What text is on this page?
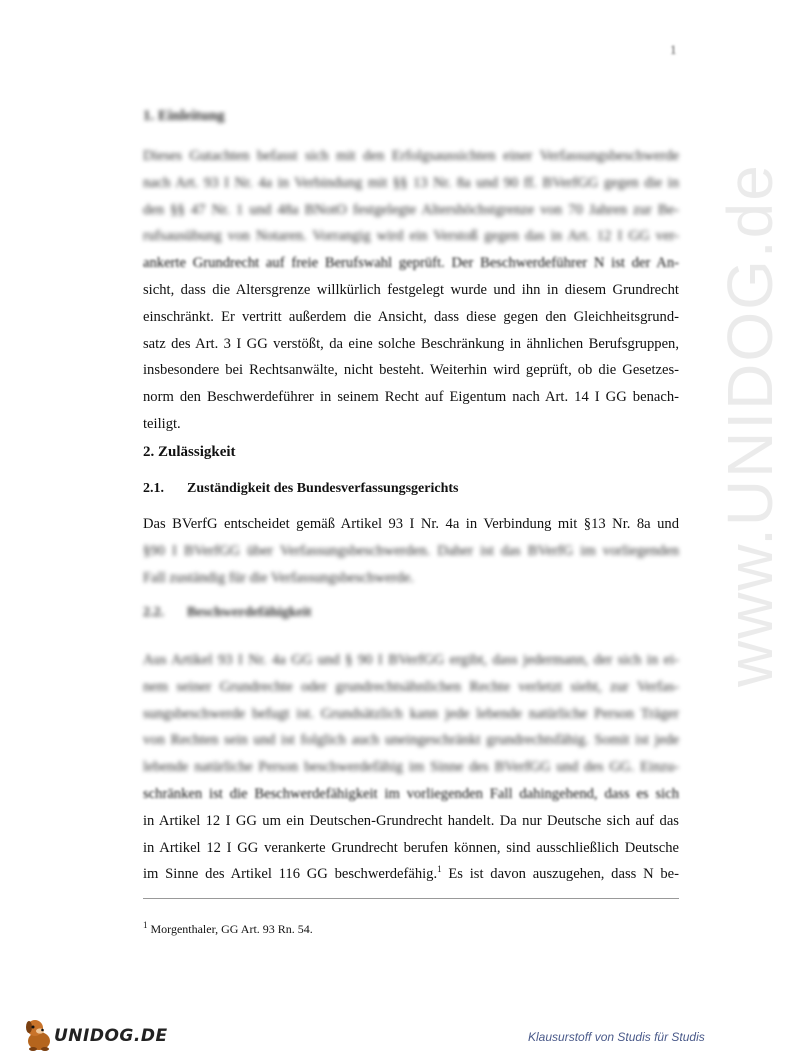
1
www.UNIDOG.de
1. Einleitung
Dieses Gutachten befasst sich mit den Erfolgsaussichten einer Verfassungsbeschwerde
nach Art. 93 I Nr. 4a in Verbindung mit §§ 13 Nr. 8a und 90 ff. BVerfGG gegen die in
den §§ 47 Nr. 1 und 48a BNotO festgelegte Altershöchstgrenze von 70 Jahren zur Be-
rufsausübung von Notaren. Vorrangig wird ein Verstoß gegen das in Art. 12 I GG ver-
ankerte Grundrecht auf freie Berufswahl geprüft. Der Beschwerdeführer N ist der An-
sicht, dass die Altersgrenze willkürlich festgelegt wurde und ihn in diesem Grundrecht
einschränkt. Er vertritt außerdem die Ansicht, dass diese gegen den Gleichheitsgrund-
satz des Art. 3 I GG verstößt, da eine solche Beschränkung in ähnlichen Berufsgruppen,
insbesondere bei Rechtsanwälte, nicht besteht. Weiterhin wird geprüft, ob die Gesetzes-
norm den Beschwerdeführer in seinem Recht auf Eigentum nach Art. 14 I GG benach-
teiligt.
2. Zulässigkeit
2.1. Zuständigkeit des Bundesverfassungsgerichts
Das BVerfG entscheidet gemäß Artikel 93 I Nr. 4a in Verbindung mit §13 Nr. 8a und
§90 I BVerfGG über Verfassungsbeschwerden. Daher ist das BVerfG im vorliegenden
Fall zuständig für die Verfassungsbeschwerde.
2.2. Beschwerdefähigkeit
Aus Artikel 93 I Nr. 4a GG und § 90 I BVerfGG ergibt, dass jedermann, der sich in ei-
nem seiner Grundrechte oder grundrechtsähnlichen Rechte verletzt sieht, zur Verfas-
sungsbeschwerde befugt ist. Grundsätzlich kann jede lebende natürliche Person Träger
von Rechten sein und ist folglich auch uneingeschränkt grundrechtsfähig. Somit ist jede
lebende natürliche Person beschwerdefähig im Sinne des BVerfGG und des GG. Einzu-
schränken ist die Beschwerdefähigkeit im vorliegenden Fall dahingehend, dass es sich
in Artikel 12 I GG um ein Deutschen-Grundrecht handelt. Da nur Deutsche sich auf das
in Artikel 12 I GG verankerte Grundrecht berufen können, sind ausschließlich Deutsche
im Sinne des Artikel 116 GG beschwerdefähig.$^1$ Es ist davon auszugehen, dass N be-
$^1$ Morgenthaler, GG Art. 93 Rn. 54.
UNIDOG.DE	Klausurstoff von Studis für Studis
